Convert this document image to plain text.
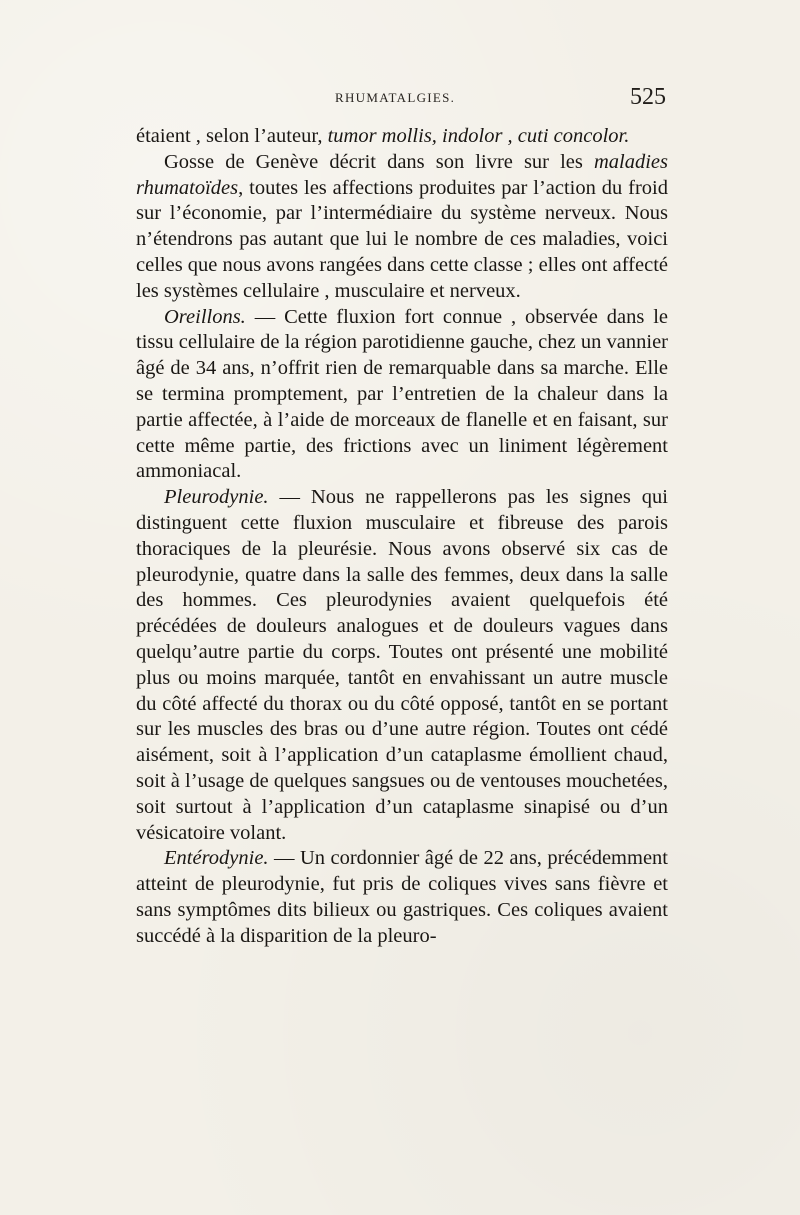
RHUMATALGIES.	525

étaient , selon l’auteur, tumor mollis, indolor , cuti concolor.

Gosse de Genève décrit dans son livre sur les maladies rhumatoïdes, toutes les affections produites par l’action du froid sur l’économie, par l’intermédiaire du système nerveux. Nous n’étendrons pas autant que lui le nombre de ces maladies, voici celles que nous avons rangées dans cette classe ; elles ont affecté les systèmes cellulaire , musculaire et nerveux.

Oreillons. — Cette fluxion fort connue , observée dans le tissu cellulaire de la région parotidienne gauche, chez un vannier âgé de 34 ans, n’offrit rien de remarquable dans sa marche. Elle se termina promptement, par l’entretien de la chaleur dans la partie affectée, à l’aide de morceaux de flanelle et en faisant, sur cette même partie, des frictions avec un liniment légèrement ammoniacal.

Pleurodynie. — Nous ne rappellerons pas les signes qui distinguent cette fluxion musculaire et fibreuse des parois thoraciques de la pleurésie. Nous avons observé six cas de pleurodynie, quatre dans la salle des femmes, deux dans la salle des hommes. Ces pleurodynies avaient quelquefois été précédées de douleurs analogues et de douleurs vagues dans quelqu’autre partie du corps. Toutes ont présenté une mobilité plus ou moins marquée, tantôt en envahissant un autre muscle du côté affecté du thorax ou du côté opposé, tantôt en se portant sur les muscles des bras ou d’une autre région. Toutes ont cédé aisément, soit à l’application d’un cataplasme émollient chaud, soit à l’usage de quelques sangsues ou de ventouses mouchetées, soit surtout à l’application d’un cataplasme sinapisé ou d’un vésicatoire volant.

Entérodynie. — Un cordonnier âgé de 22 ans, précédemment atteint de pleurodynie, fut pris de coliques vives sans fièvre et sans symptômes dits bilieux ou gastriques. Ces coliques avaient succédé à la disparition de la pleuro-
